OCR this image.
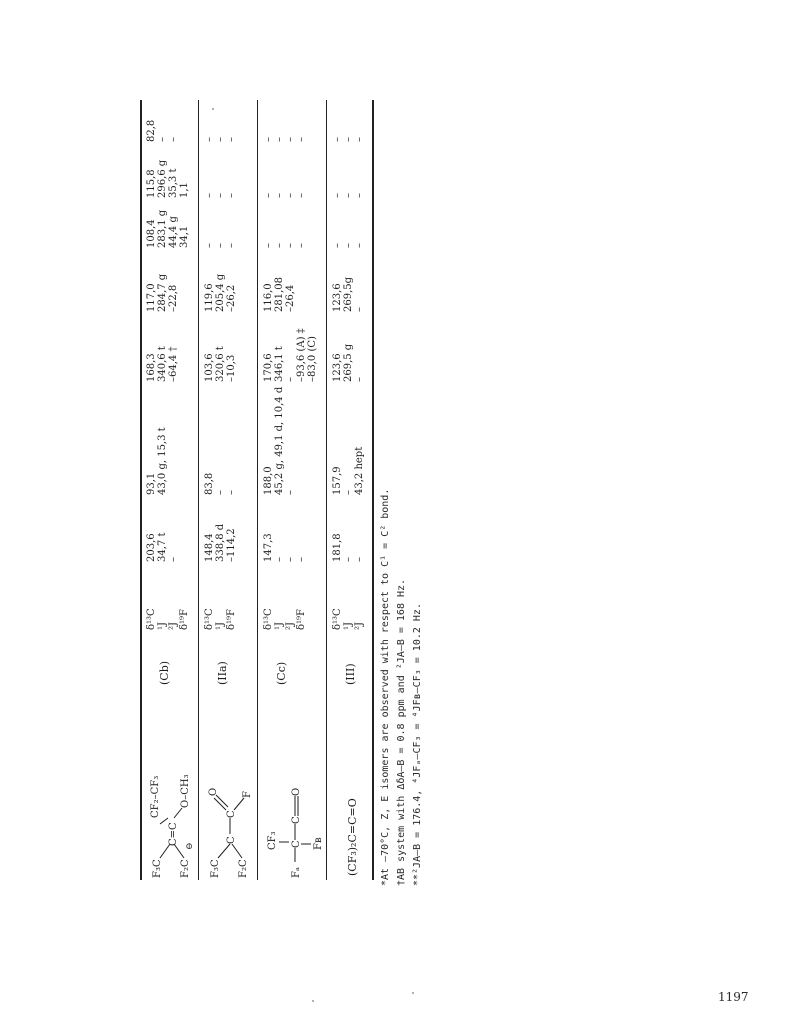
F₃C F₂C
C=C
CF₂–CF₃ O–CH₃
⊖
(Cb)
δ¹³C ¹J ²J δ¹⁹F
203,6 34,7 t –
93,1 43,0 g, 15,3 t
168,3 340,6 t –64,4 †
117,0 284,7 g –22,8
108,4 283,1 g 44,4 g 34,1
115,8 296,6 g 35,3 t 1,1
82,8 – –
F₃C F₂C
C
C
O F
(IIa)
δ¹³C ¹J δ¹⁹F
148,4 338,8 d –114,2
83,8 – –
103,6 320,6 t –10,3
119,6 205,4 g –26,2
– – –
– – –
– – –
CF₃
Fₐ
C
C
O
Fʙ
(Cc)
δ¹³C ¹J ²J δ¹⁹F
147,3 – – –
188,0 45,2 g, 49,1 d, 10,4 d –
170,6 346,1 t – –93,6 (A) ‡ –83,0 (C)
116,0 281,08 –26,4
– – – –
– – – –
– – – –
(CF₃)₂C=C=O
(III)
δ¹³C ¹J ²J
181,8 – –
157,9 – 43,2 hept
123,6 269,5 g –
123,6 269,5g –
– – –
– – –
– – –
*At –70°C, Z, E isomers are observed with respect to C¹ = C² bond. †AB system with ΔδA–B = 0.8 ppm and ²JA–B = 168 Hz. **²JA–B = 176.4, ⁴JFₐ–CF₃ = ⁴JFʙ–CF₃ = 10.2 Hz.
1197
